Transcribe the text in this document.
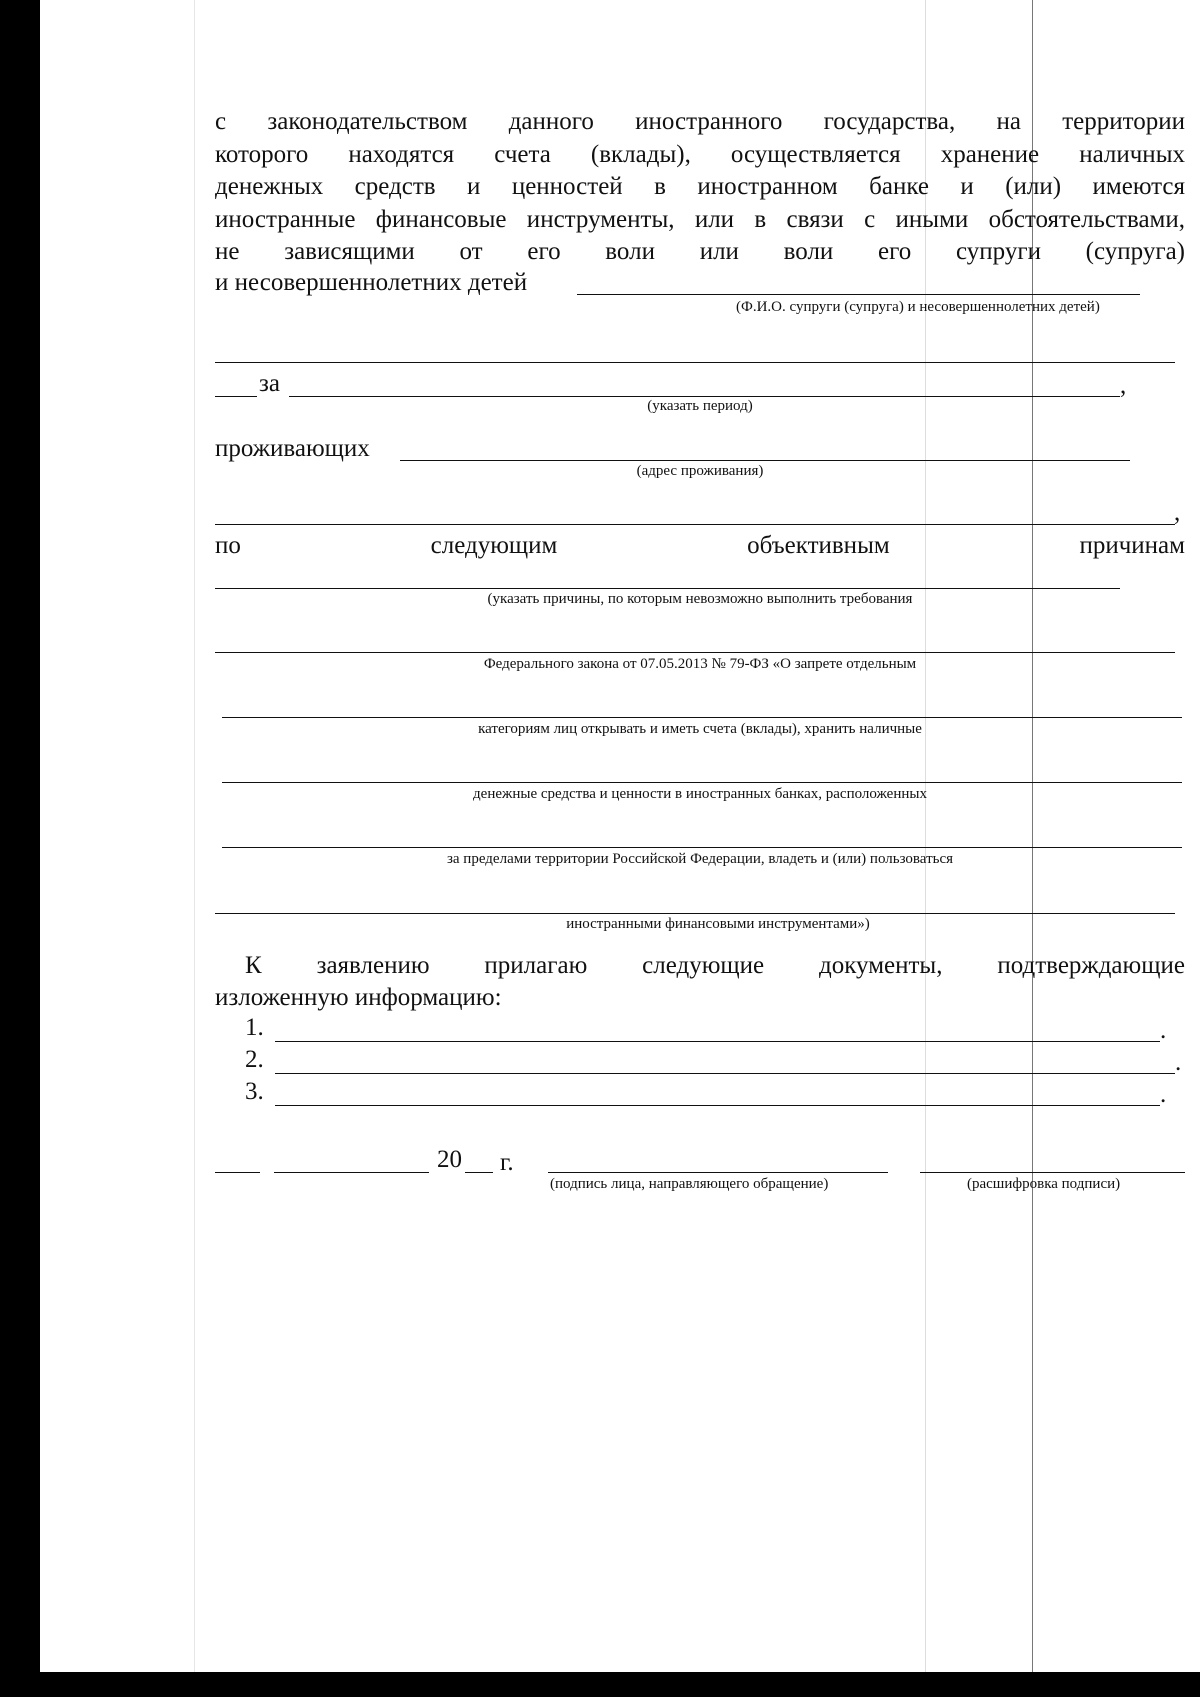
с законодательством данного иностранного государства, на территории
которого находятся счета (вклады), осуществляется хранение наличных
денежных средств и ценностей в иностранном банке и (или) имеются
иностранные финансовые инструменты, или в связи с иными обстоятельствами,
не зависящими от его воли или воли его супруги (супруга)
и несовершеннолетних детей
(Ф.И.О. супруги (супруга) и несовершеннолетних детей)
за	,
(указать период)
проживающих
(адрес проживания)
,
по	следующим	объективным	причинам
(указать причины, по которым невозможно выполнить требования
Федерального закона от 07.05.2013 № 79-ФЗ «О запрете отдельным
категориям лиц открывать и иметь счета (вклады), хранить наличные
денежные средства и ценности в иностранных банках, расположенных
за пределами территории Российской Федерации, владеть и (или) пользоваться
иностранными финансовыми инструментами»)
К заявлению прилагаю следующие документы, подтверждающие
изложенную информацию:
1.	.
2.	.
3.	.
20 г.
(подпись лица, направляющего обращение)	(расшифровка подписи)
